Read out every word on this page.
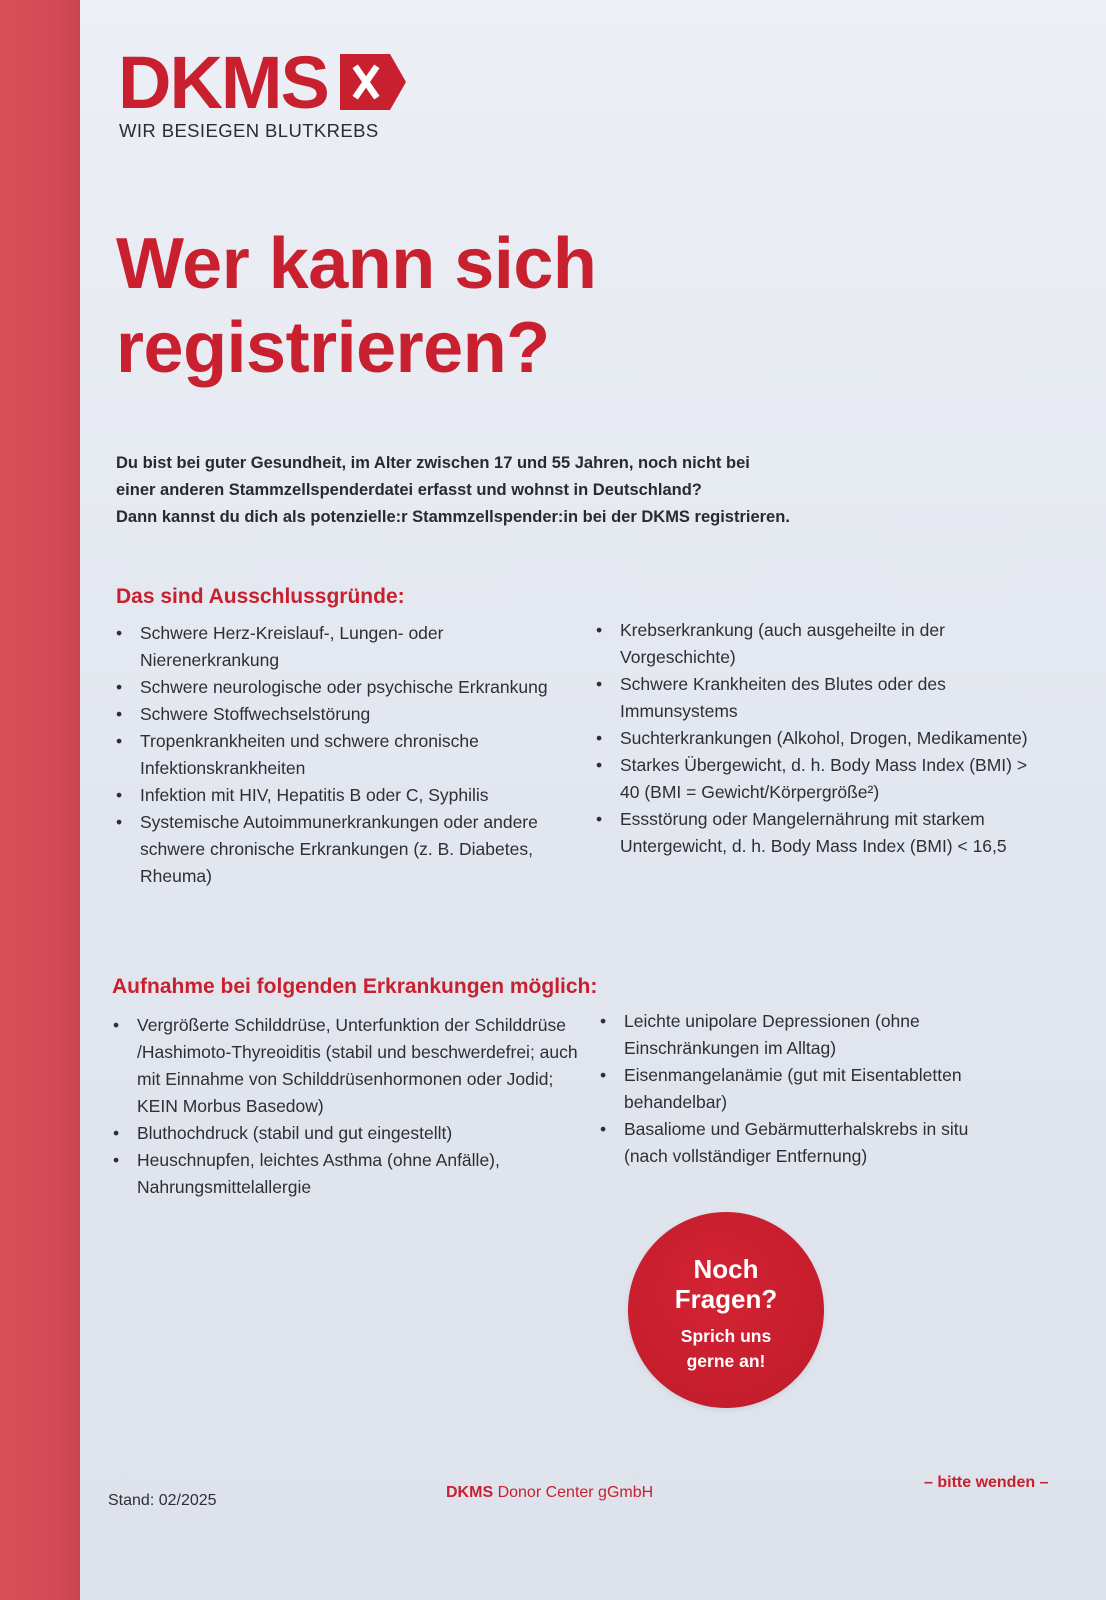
DKMS
WIR BESIEGEN BLUTKREBS
Wer kann sich registrieren?

Du bist bei guter Gesundheit, im Alter zwischen 17 und 55 Jahren, noch nicht bei

einer anderen Stammzellspenderdatei erfasst und wohnst in Deutschland?

Dann kannst du dich als potenzielle:r Stammzellspender:in bei der DKMS registrieren.

Das sind Ausschlussgründe:
• Schwere Herz-Kreislauf-, Lungen- oder Nierenerkrankung
• Schwere neurologische oder psychische Erkrankung
• Schwere Stoffwechselstörung
• Tropenkrankheiten und schwere chronische Infektionskrankheiten
• Infektion mit HIV, Hepatitis B oder C, Syphilis
• Systemische Autoimmunerkrankungen oder andere schwere chronische Erkrankungen (z. B. Diabetes, Rheuma)
• Krebserkrankung (auch ausgeheilte in der Vorgeschichte)
• Schwere Krankheiten des Blutes oder des Immunsystems
• Suchterkrankungen (Alkohol, Drogen, Medikamente)
• Starkes Übergewicht, d. h. Body Mass Index (BMI) > 40 (BMI = Gewicht/Körpergröße²)
• Essstörung oder Mangelernährung mit starkem Untergewicht, d. h. Body Mass Index (BMI) < 16,5
Aufnahme bei folgenden Erkrankungen möglich:
• Vergrößerte Schilddrüse, Unterfunktion der Schilddrüse /Hashimoto-Thyreoiditis (stabil und beschwerdefrei; auch mit Einnahme von Schilddrüsenhormonen oder Jodid; KEIN Morbus Basedow)
• Bluthochdruck (stabil und gut eingestellt)
• Heuschnupfen, leichtes Asthma (ohne Anfälle), Nahrungsmittelallergie
• Leichte unipolare Depressionen (ohne Einschränkungen im Alltag)
• Eisenmangelanämie (gut mit Eisentabletten behandelbar)
• Basaliome und Gebärmutterhalskrebs in situ (nach vollständiger Entfernung)
Noch
Fragen?
Sprich uns
gerne an!
Stand: 02/2025	DKMS Donor Center gGmbH
– bitte wenden –
